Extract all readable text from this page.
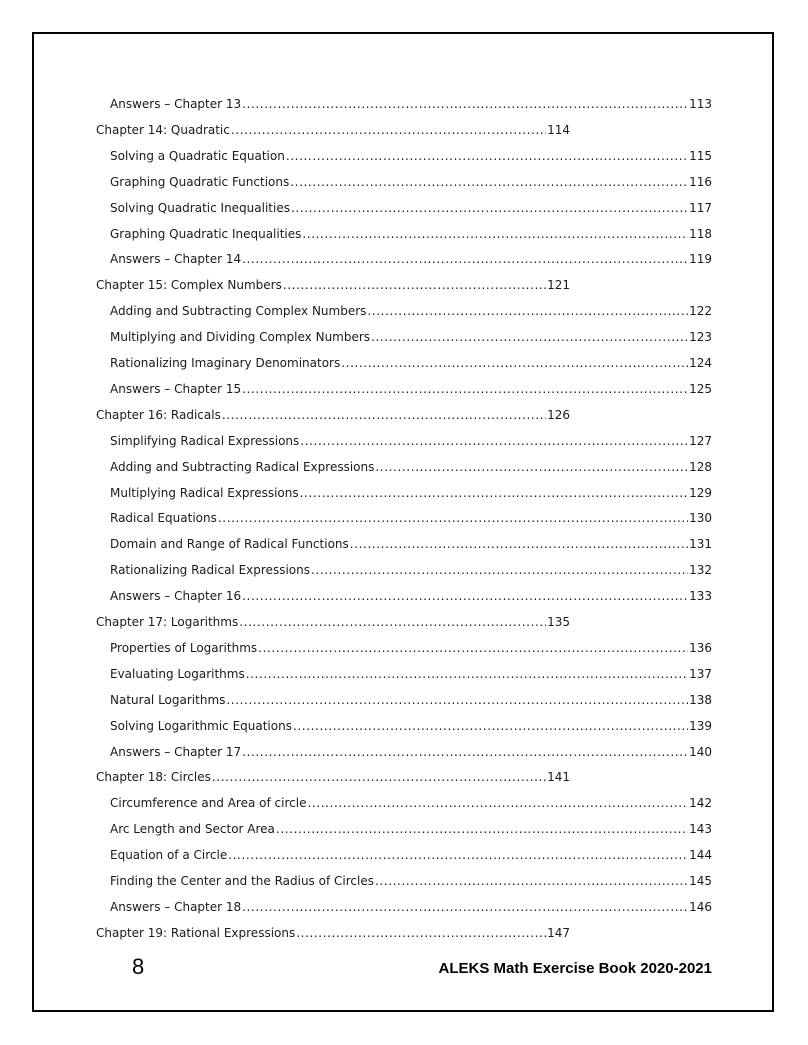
Answers – Chapter 13 .....	113
Chapter 14: Quadratic .....	114
Solving a Quadratic Equation .....	115
Graphing Quadratic Functions .....	116
Solving Quadratic Inequalities .....	117
Graphing Quadratic Inequalities .....	118
Answers – Chapter 14 .....	119
Chapter 15: Complex Numbers .....	121
Adding and Subtracting Complex Numbers .....	122
Multiplying and Dividing Complex Numbers .....	123
Rationalizing Imaginary Denominators .....	124
Answers – Chapter 15 .....	125
Chapter 16: Radicals .....	126
Simplifying Radical Expressions .....	127
Adding and Subtracting Radical Expressions .....	128
Multiplying Radical Expressions .....	129
Radical Equations .....	130
Domain and Range of Radical Functions .....	131
Rationalizing Radical Expressions .....	132
Answers – Chapter 16 .....	133
Chapter 17: Logarithms .....	135
Properties of Logarithms .....	136
Evaluating Logarithms .....	137
Natural Logarithms .....	138
Solving Logarithmic Equations .....	139
Answers – Chapter 17 .....	140
Chapter 18: Circles .....	141
Circumference and Area of circle .....	142
Arc Length and Sector Area .....	143
Equation of a Circle .....	144
Finding the Center and the Radius of Circles .....	145
Answers – Chapter 18 .....	146
Chapter 19: Rational Expressions .....	147
8	ALEKS Math Exercise Book 2020-2021
